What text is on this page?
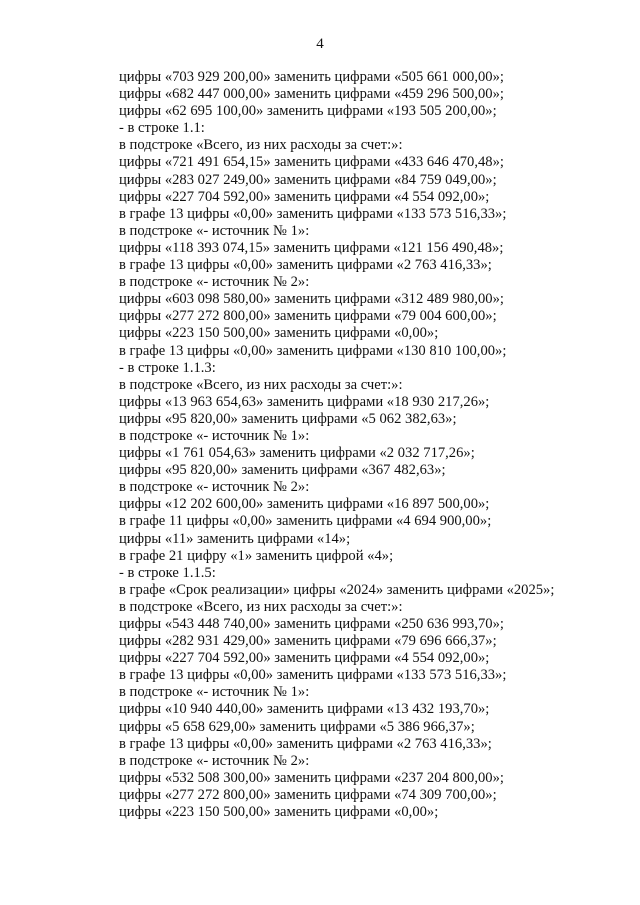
4
цифры «703 929 200,00» заменить цифрами «505 661 000,00»;
цифры «682 447 000,00» заменить цифрами «459 296 500,00»;
цифры «62 695 100,00» заменить цифрами «193 505 200,00»;
- в строке 1.1:
в подстроке «Всего, из них расходы за счет:»:
цифры «721 491 654,15» заменить цифрами «433 646 470,48»;
цифры «283 027 249,00» заменить цифрами «84 759 049,00»;
цифры «227 704 592,00» заменить цифрами «4 554 092,00»;
в графе 13 цифры «0,00» заменить цифрами «133 573 516,33»;
в подстроке «- источник № 1»:
цифры «118 393 074,15» заменить цифрами «121 156 490,48»;
в графе 13 цифры «0,00» заменить цифрами «2 763 416,33»;
в подстроке «- источник № 2»:
цифры «603 098 580,00» заменить цифрами «312 489 980,00»;
цифры «277 272 800,00» заменить цифрами «79 004 600,00»;
цифры «223 150 500,00» заменить цифрами «0,00»;
в графе 13 цифры «0,00» заменить цифрами «130 810 100,00»;
- в строке 1.1.3:
в подстроке «Всего, из них расходы за счет:»:
цифры «13 963 654,63» заменить цифрами «18 930 217,26»;
цифры «95 820,00» заменить цифрами «5 062 382,63»;
в подстроке «- источник № 1»:
цифры «1 761 054,63» заменить цифрами «2 032 717,26»;
цифры «95 820,00» заменить цифрами «367 482,63»;
в подстроке «- источник № 2»:
цифры «12 202 600,00» заменить цифрами «16 897 500,00»;
в графе 11 цифры «0,00» заменить цифрами «4 694 900,00»;
цифры «11» заменить цифрами «14»;
в графе 21 цифру «1» заменить цифрой «4»;
- в строке 1.1.5:
в графе «Срок реализации» цифры «2024» заменить цифрами «2025»;
в подстроке «Всего, из них расходы за счет:»:
цифры «543 448 740,00» заменить цифрами «250 636 993,70»;
цифры «282 931 429,00» заменить цифрами «79 696 666,37»;
цифры «227 704 592,00» заменить цифрами «4 554 092,00»;
в графе 13 цифры «0,00» заменить цифрами «133 573 516,33»;
в подстроке «- источник № 1»:
цифры «10 940 440,00» заменить цифрами «13 432 193,70»;
цифры «5 658 629,00» заменить цифрами «5 386 966,37»;
в графе 13 цифры «0,00» заменить цифрами «2 763 416,33»;
в подстроке «- источник № 2»:
цифры «532 508 300,00» заменить цифрами «237 204 800,00»;
цифры «277 272 800,00» заменить цифрами «74 309 700,00»;
цифры «223 150 500,00» заменить цифрами «0,00»;
